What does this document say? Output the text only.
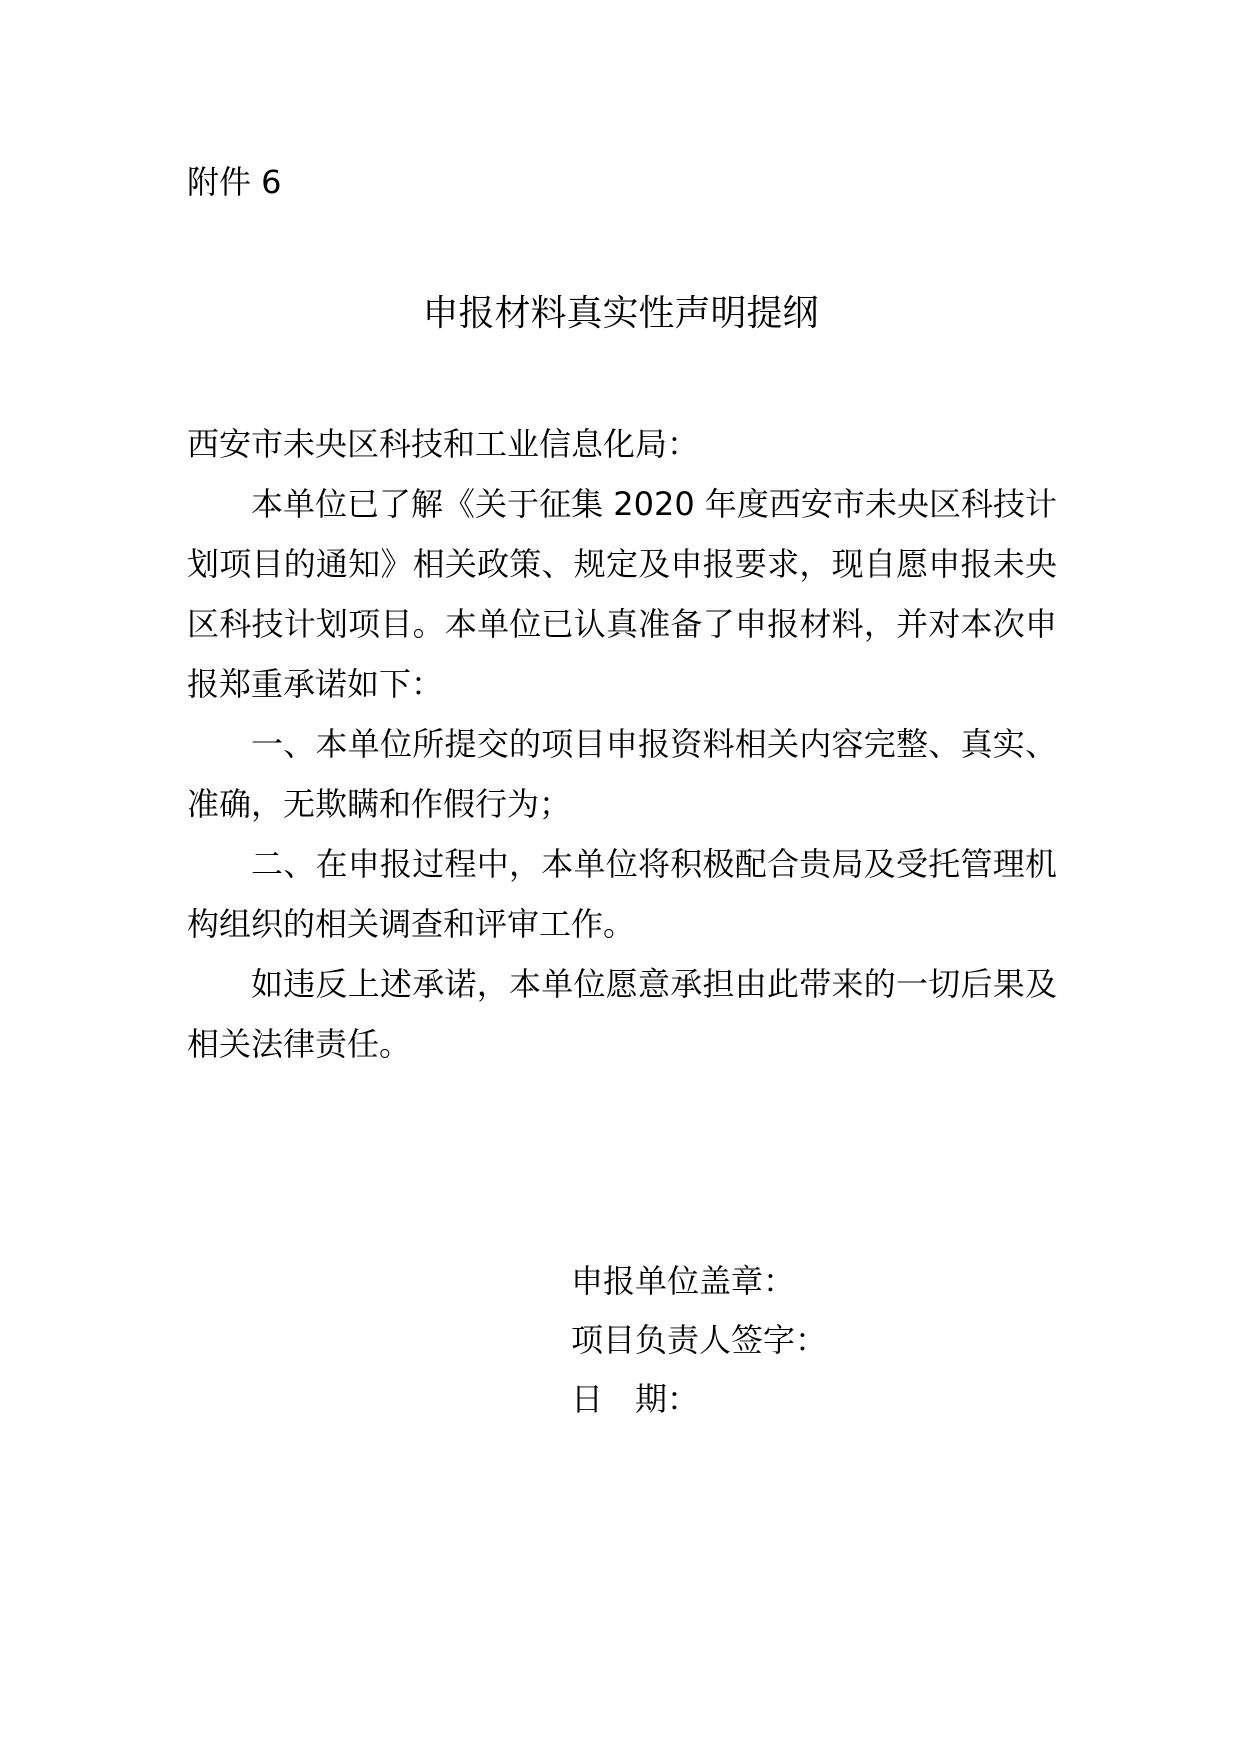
附件 6
申报材料真实性声明提纲

西安市未央区科技和工业信息化局：

本单位已了解《关于征集 2020 年度西安市未央区科技计划项目的通知》相关政策、规定及申报要求，现自愿申报未央区科技计划项目。本单位已认真准备了申报材料，并对本次申报郑重承诺如下：

一、本单位所提交的项目申报资料相关内容完整、真实、准确，无欺瞒和作假行为；

二、在申报过程中，本单位将积极配合贵局及受托管理机构组织的相关调查和评审工作。

如违反上述承诺，本单位愿意承担由此带来的一切后果及相关法律责任。

申报单位盖章：
项目负责人签字：
日　期：
